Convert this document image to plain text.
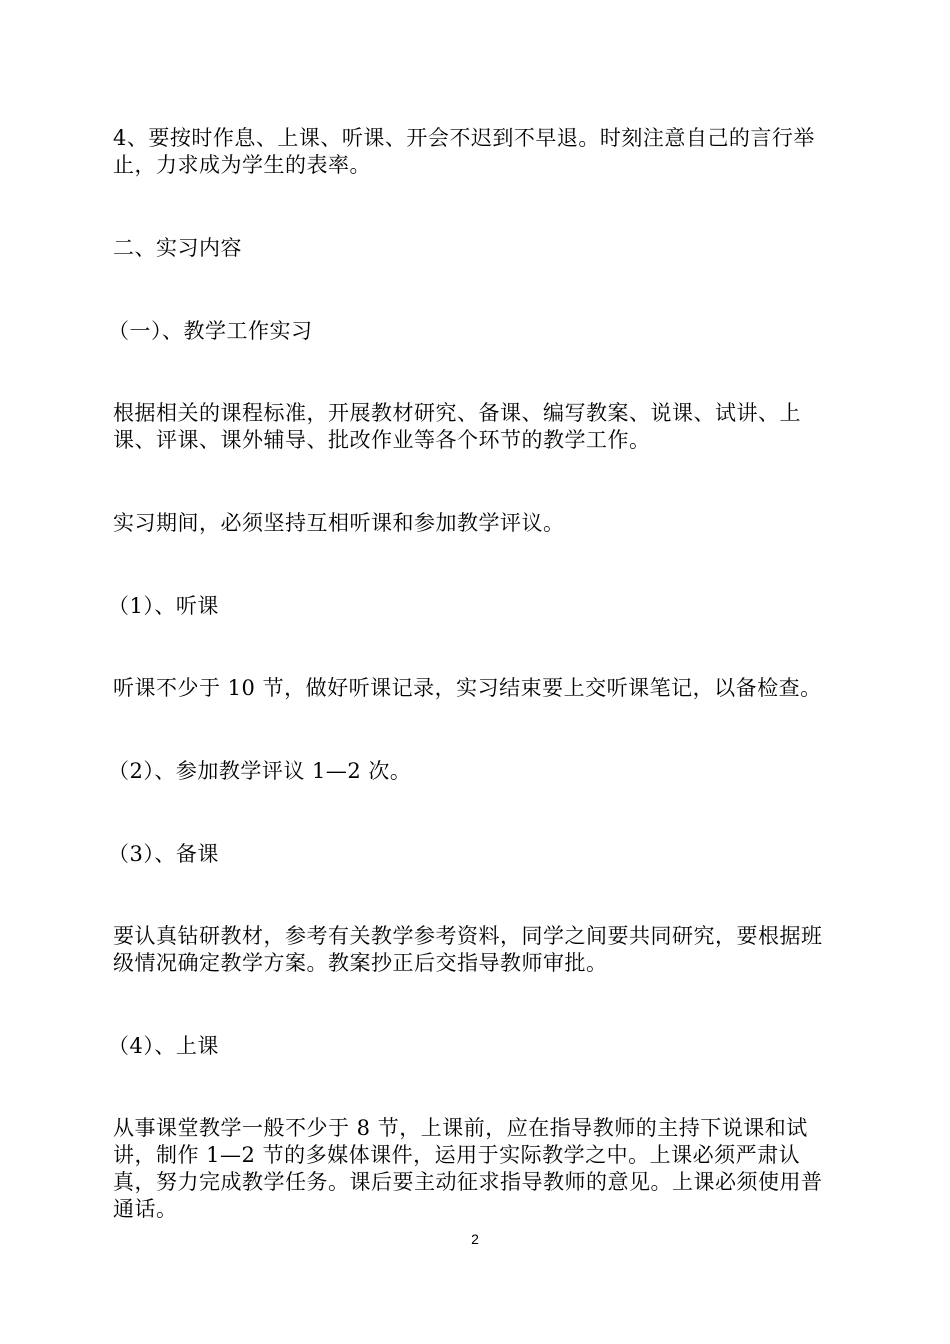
4、要按时作息、上课、听课、开会不迟到不早退。时刻注意自己的言行举止，力求成为学生的表率。

二、实习内容

（一）、教学工作实习

根据相关的课程标准，开展教材研究、备课、编写教案、说课、试讲、上课、评课、课外辅导、批改作业等各个环节的教学工作。

实习期间，必须坚持互相听课和参加教学评议。

（1）、听课

听课不少于 10 节，做好听课记录，实习结束要上交听课笔记，以备检查。

（2）、参加教学评议 1—2 次。

（3）、备课

要认真钻研教材，参考有关教学参考资料，同学之间要共同研究，要根据班级情况确定教学方案。教案抄正后交指导教师审批。

（4）、上课

从事课堂教学一般不少于 8 节，上课前，应在指导教师的主持下说课和试讲，制作 1—2 节的多媒体课件，运用于实际教学之中。上课必须严肃认真，努力完成教学任务。课后要主动征求指导教师的意见。上课必须使用普通话。

2
